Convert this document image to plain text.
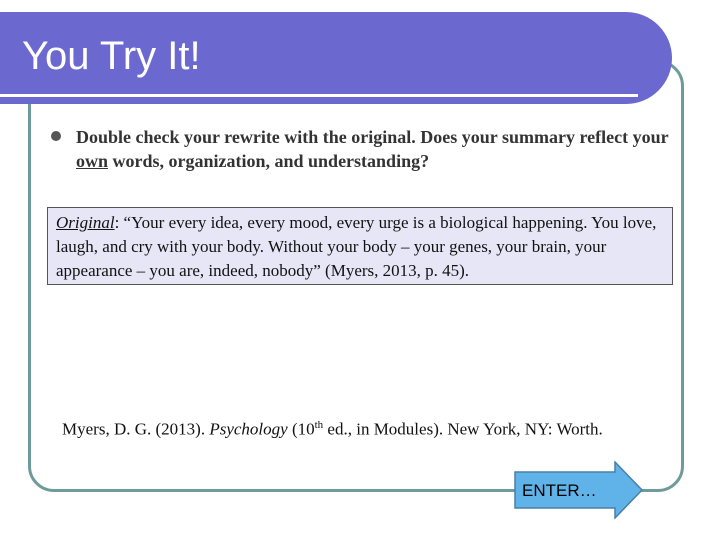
You Try It!
Double check your rewrite with the original. Does your summary reflect your own words, organization, and understanding?
Original: “Your every idea, every mood, every urge is a biological happening. You love, laugh, and cry with your body. Without your body – your genes, your brain, your appearance – you are, indeed, nobody” (Myers, 2013, p. 45).
Myers, D. G. (2013). Psychology (10th ed., in Modules). New York, NY: Worth.
ENTER…
